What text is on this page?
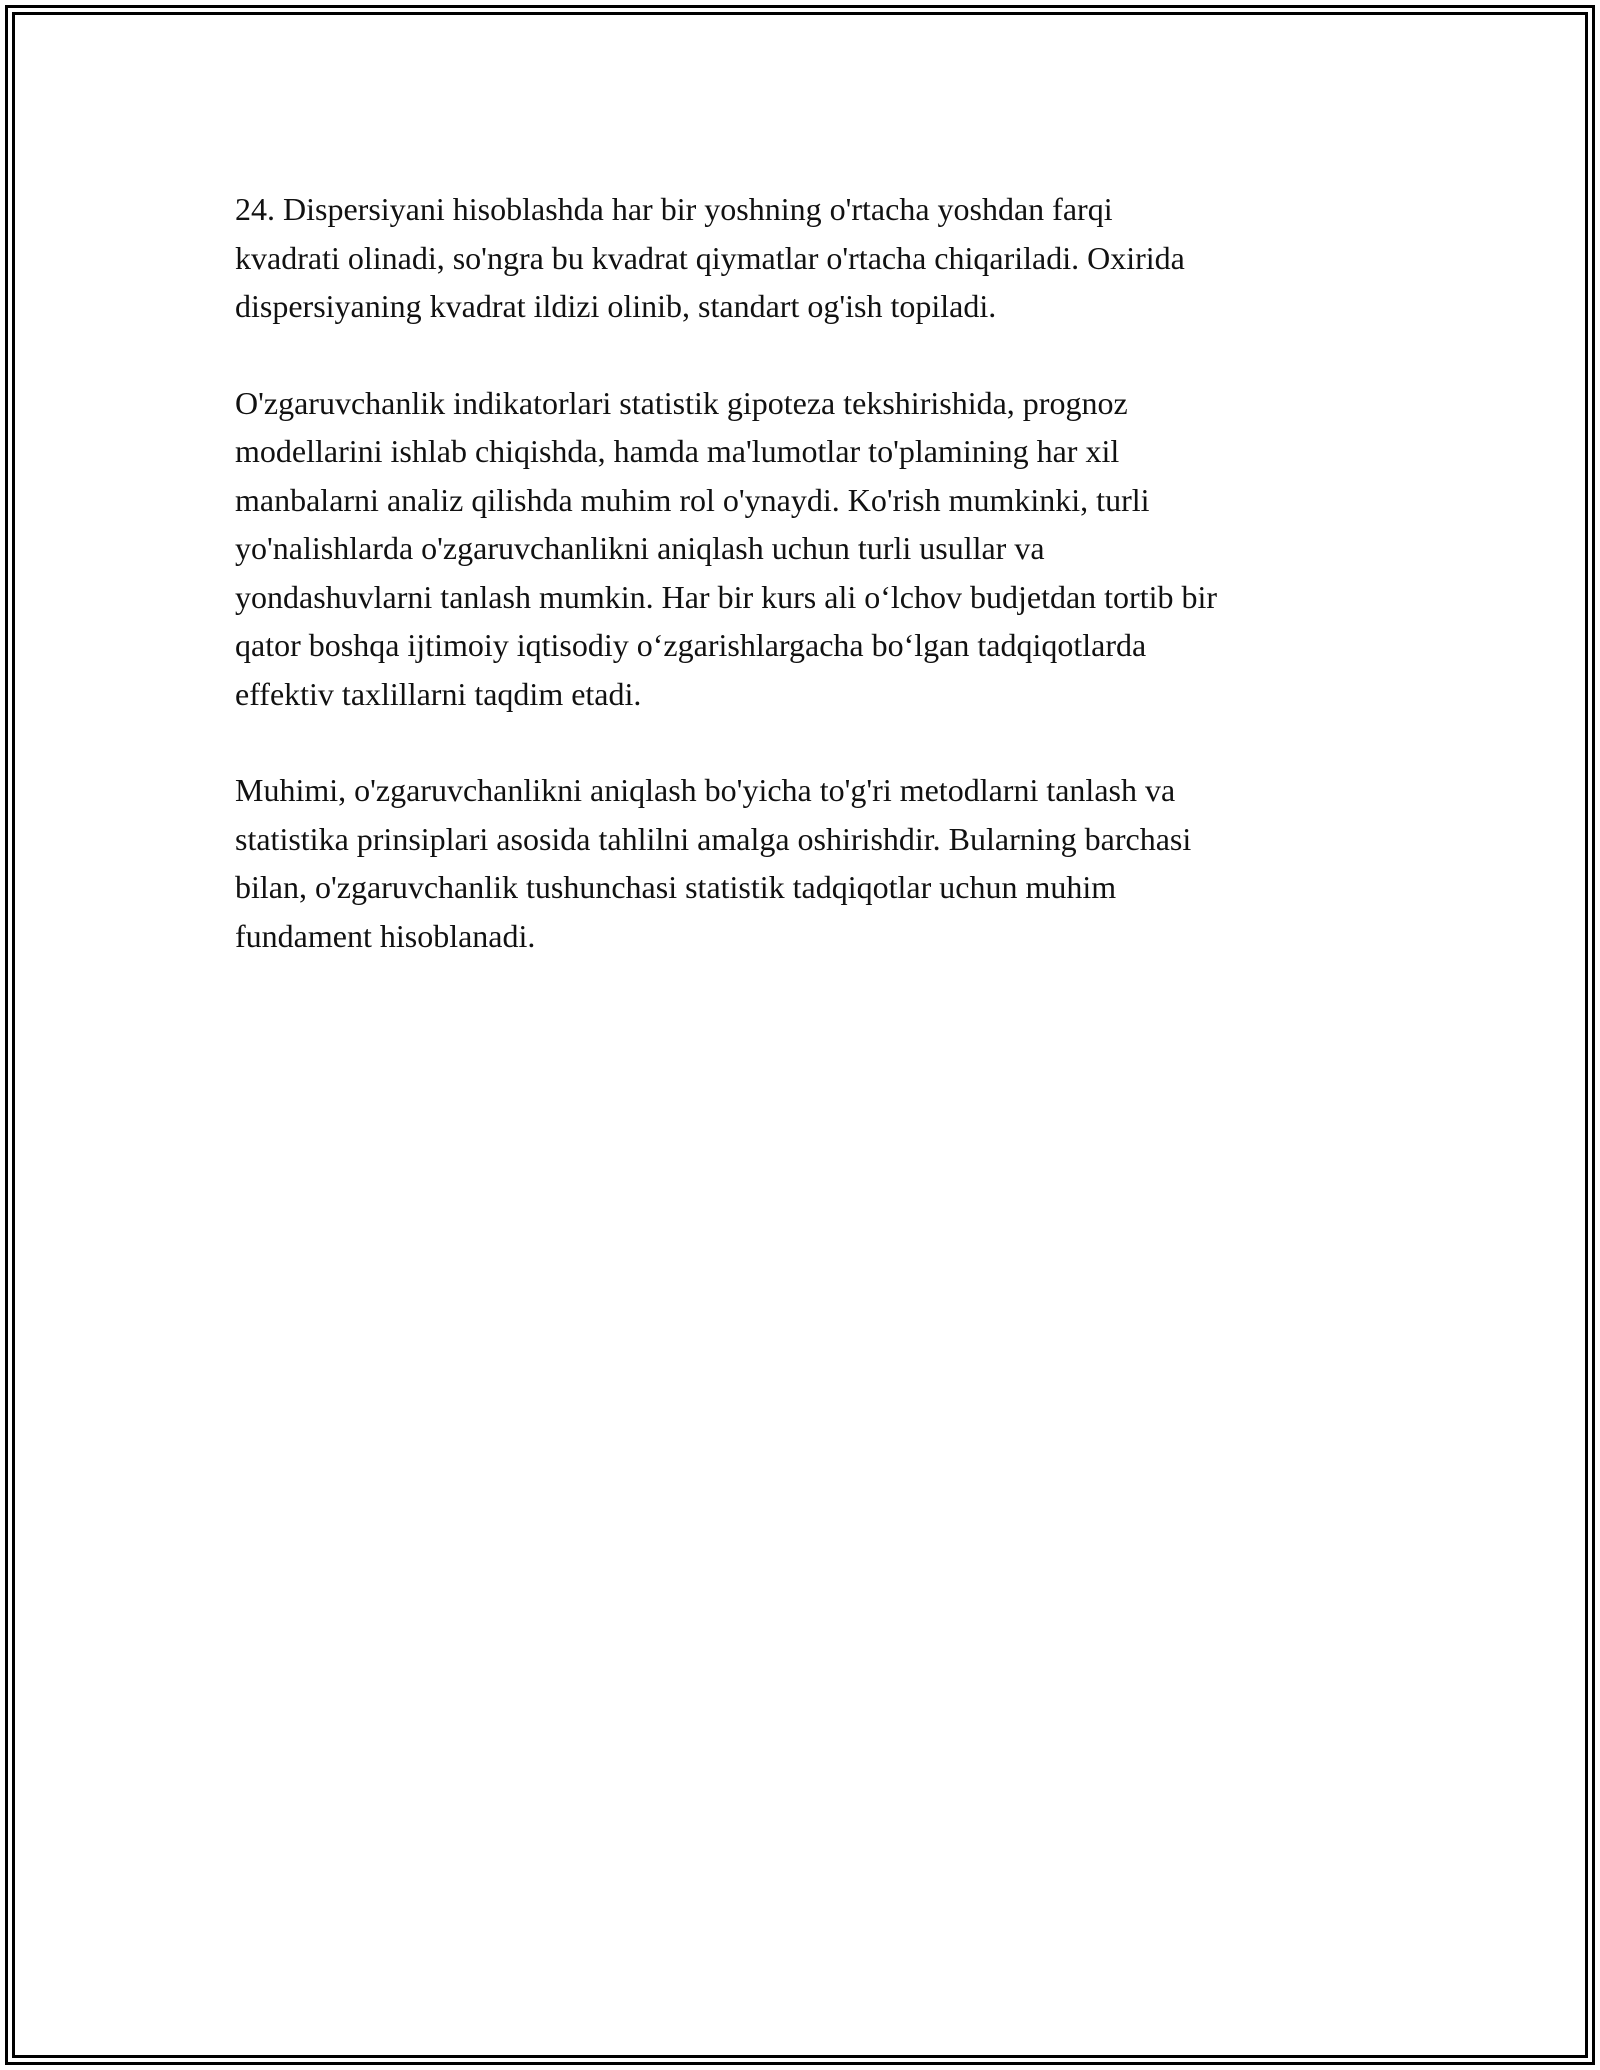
24. Dispersiyani hisoblashda har bir yoshning o'rtacha yoshdan farqi
kvadrati olinadi, so'ngra bu kvadrat qiymatlar o'rtacha chiqariladi. Oxirida
dispersiyaning kvadrat ildizi olinib, standart og'ish topiladi.

O'zgaruvchanlik indikatorlari statistik gipoteza tekshirishida, prognoz
modellarini ishlab chiqishda, hamda ma'lumotlar to'plamining har xil
manbalarni analiz qilishda muhim rol o'ynaydi. Ko'rish mumkinki, turli
yo'nalishlarda o'zgaruvchanlikni aniqlash uchun turli usullar va
yondashuvlarni tanlash mumkin. Har bir kurs ali o‘lchov budjetdan tortib bir
qator boshqa ijtimoiy iqtisodiy o‘zgarishlargacha bo‘lgan tadqiqotlarda
effektiv taxlillarni taqdim etadi.

Muhimi, o'zgaruvchanlikni aniqlash bo'yicha to'g'ri metodlarni tanlash va
statistika prinsiplari asosida tahlilni amalga oshirishdir. Bularning barchasi
bilan, o'zgaruvchanlik tushunchasi statistik tadqiqotlar uchun muhim
fundament hisoblanadi.
